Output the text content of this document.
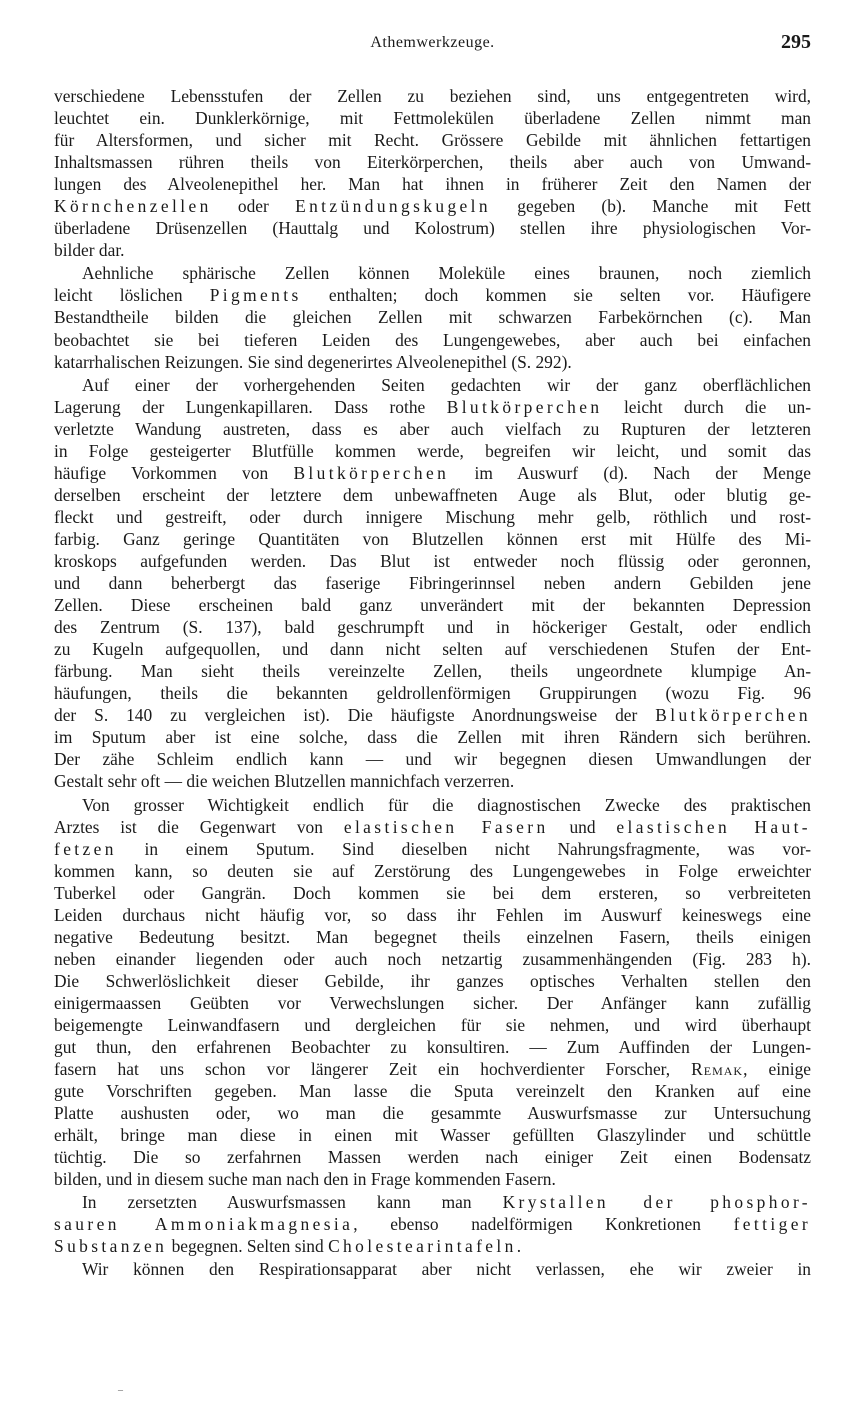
Athemwerkzeuge.	295
verschiedene Lebensstufen der Zellen zu beziehen sind, uns entgegentreten wird,
leuchtet ein. Dunklerkörnige, mit Fettmolekülen überladene Zellen nimmt man
für Altersformen, und sicher mit Recht. Grössere Gebilde mit ähnlichen fettartigen
Inhaltsmassen rühren theils von Eiterkörperchen, theils aber auch von Umwand-
lungen des Alveolenepithel her. Man hat ihnen in früherer Zeit den Namen der
Körnchenzellen oder Entzündungskugeln gegeben (b). Manche mit Fett
überladene Drüsenzellen (Hauttalg und Kolostrum) stellen ihre physiologischen Vor-
bilder dar.
Aehnliche sphärische Zellen können Moleküle eines braunen, noch ziemlich
leicht löslichen Pigments enthalten; doch kommen sie selten vor. Häufigere
Bestandtheile bilden die gleichen Zellen mit schwarzen Farbekörnchen (c). Man
beobachtet sie bei tieferen Leiden des Lungengewebes, aber auch bei einfachen
katarrhalischen Reizungen. Sie sind degenerirtes Alveolenepithel (S. 292).
Auf einer der vorhergehenden Seiten gedachten wir der ganz oberflächlichen
Lagerung der Lungenkapillaren. Dass rothe Blutkörperchen leicht durch die un-
verletzte Wandung austreten, dass es aber auch vielfach zu Rupturen der letzteren
in Folge gesteigerter Blutfülle kommen werde, begreifen wir leicht, und somit das
häufige Vorkommen von Blutkörperchen im Auswurf (d). Nach der Menge
derselben erscheint der letztere dem unbewaffneten Auge als Blut, oder blutig ge-
fleckt und gestreift, oder durch innigere Mischung mehr gelb, röthlich und rost-
farbig. Ganz geringe Quantitäten von Blutzellen können erst mit Hülfe des Mi-
kroskops aufgefunden werden. Das Blut ist entweder noch flüssig oder geronnen,
und dann beherbergt das faserige Fibringerinnsel neben andern Gebilden jene
Zellen. Diese erscheinen bald ganz unverändert mit der bekannten Depression
des Zentrum (S. 137), bald geschrumpft und in höckeriger Gestalt, oder endlich
zu Kugeln aufgequollen, und dann nicht selten auf verschiedenen Stufen der Ent-
färbung. Man sieht theils vereinzelte Zellen, theils ungeordnete klumpige An-
häufungen, theils die bekannten geldrollenförmigen Gruppirungen (wozu Fig. 96
der S. 140 zu vergleichen ist). Die häufigste Anordnungsweise der Blutkörperchen
im Sputum aber ist eine solche, dass die Zellen mit ihren Rändern sich berühren.
Der zähe Schleim endlich kann — und wir begegnen diesen Umwandlungen der
Gestalt sehr oft — die weichen Blutzellen mannichfach verzerren.
Von grosser Wichtigkeit endlich für die diagnostischen Zwecke des praktischen
Arztes ist die Gegenwart von elastischen Fasern und elastischen Haut-
fetzen in einem Sputum. Sind dieselben nicht Nahrungsfragmente, was vor-
kommen kann, so deuten sie auf Zerstörung des Lungengewebes in Folge erweichter
Tuberkel oder Gangrän. Doch kommen sie bei dem ersteren, so verbreiteten
Leiden durchaus nicht häufig vor, so dass ihr Fehlen im Auswurf keineswegs eine
negative Bedeutung besitzt. Man begegnet theils einzelnen Fasern, theils einigen
neben einander liegenden oder auch noch netzartig zusammenhängenden (Fig. 283 h).
Die Schwerlöslichkeit dieser Gebilde, ihr ganzes optisches Verhalten stellen den
einigermaassen Geübten vor Verwechslungen sicher. Der Anfänger kann zufällig
beigemengte Leinwandfasern und dergleichen für sie nehmen, und wird überhaupt
gut thun, den erfahrenen Beobachter zu konsultiren. — Zum Auffinden der Lungen-
fasern hat uns schon vor längerer Zeit ein hochverdienter Forscher, Remak, einige
gute Vorschriften gegeben. Man lasse die Sputa vereinzelt den Kranken auf eine
Platte aushusten oder, wo man die gesammte Auswurfsmasse zur Untersuchung
erhält, bringe man diese in einen mit Wasser gefüllten Glaszylinder und schüttle
tüchtig. Die so zerfahrnen Massen werden nach einiger Zeit einen Bodensatz
bilden, und in diesem suche man nach den in Frage kommenden Fasern.
In zersetzten Auswurfsmassen kann man Krystallen der phosphor-
sauren Ammoniakmagnesia, ebenso nadelförmigen Konkretionen fettiger
Substanzen begegnen. Selten sind Cholestearintafeln.
Wir können den Respirationsapparat aber nicht verlassen, ehe wir zweier in
–
